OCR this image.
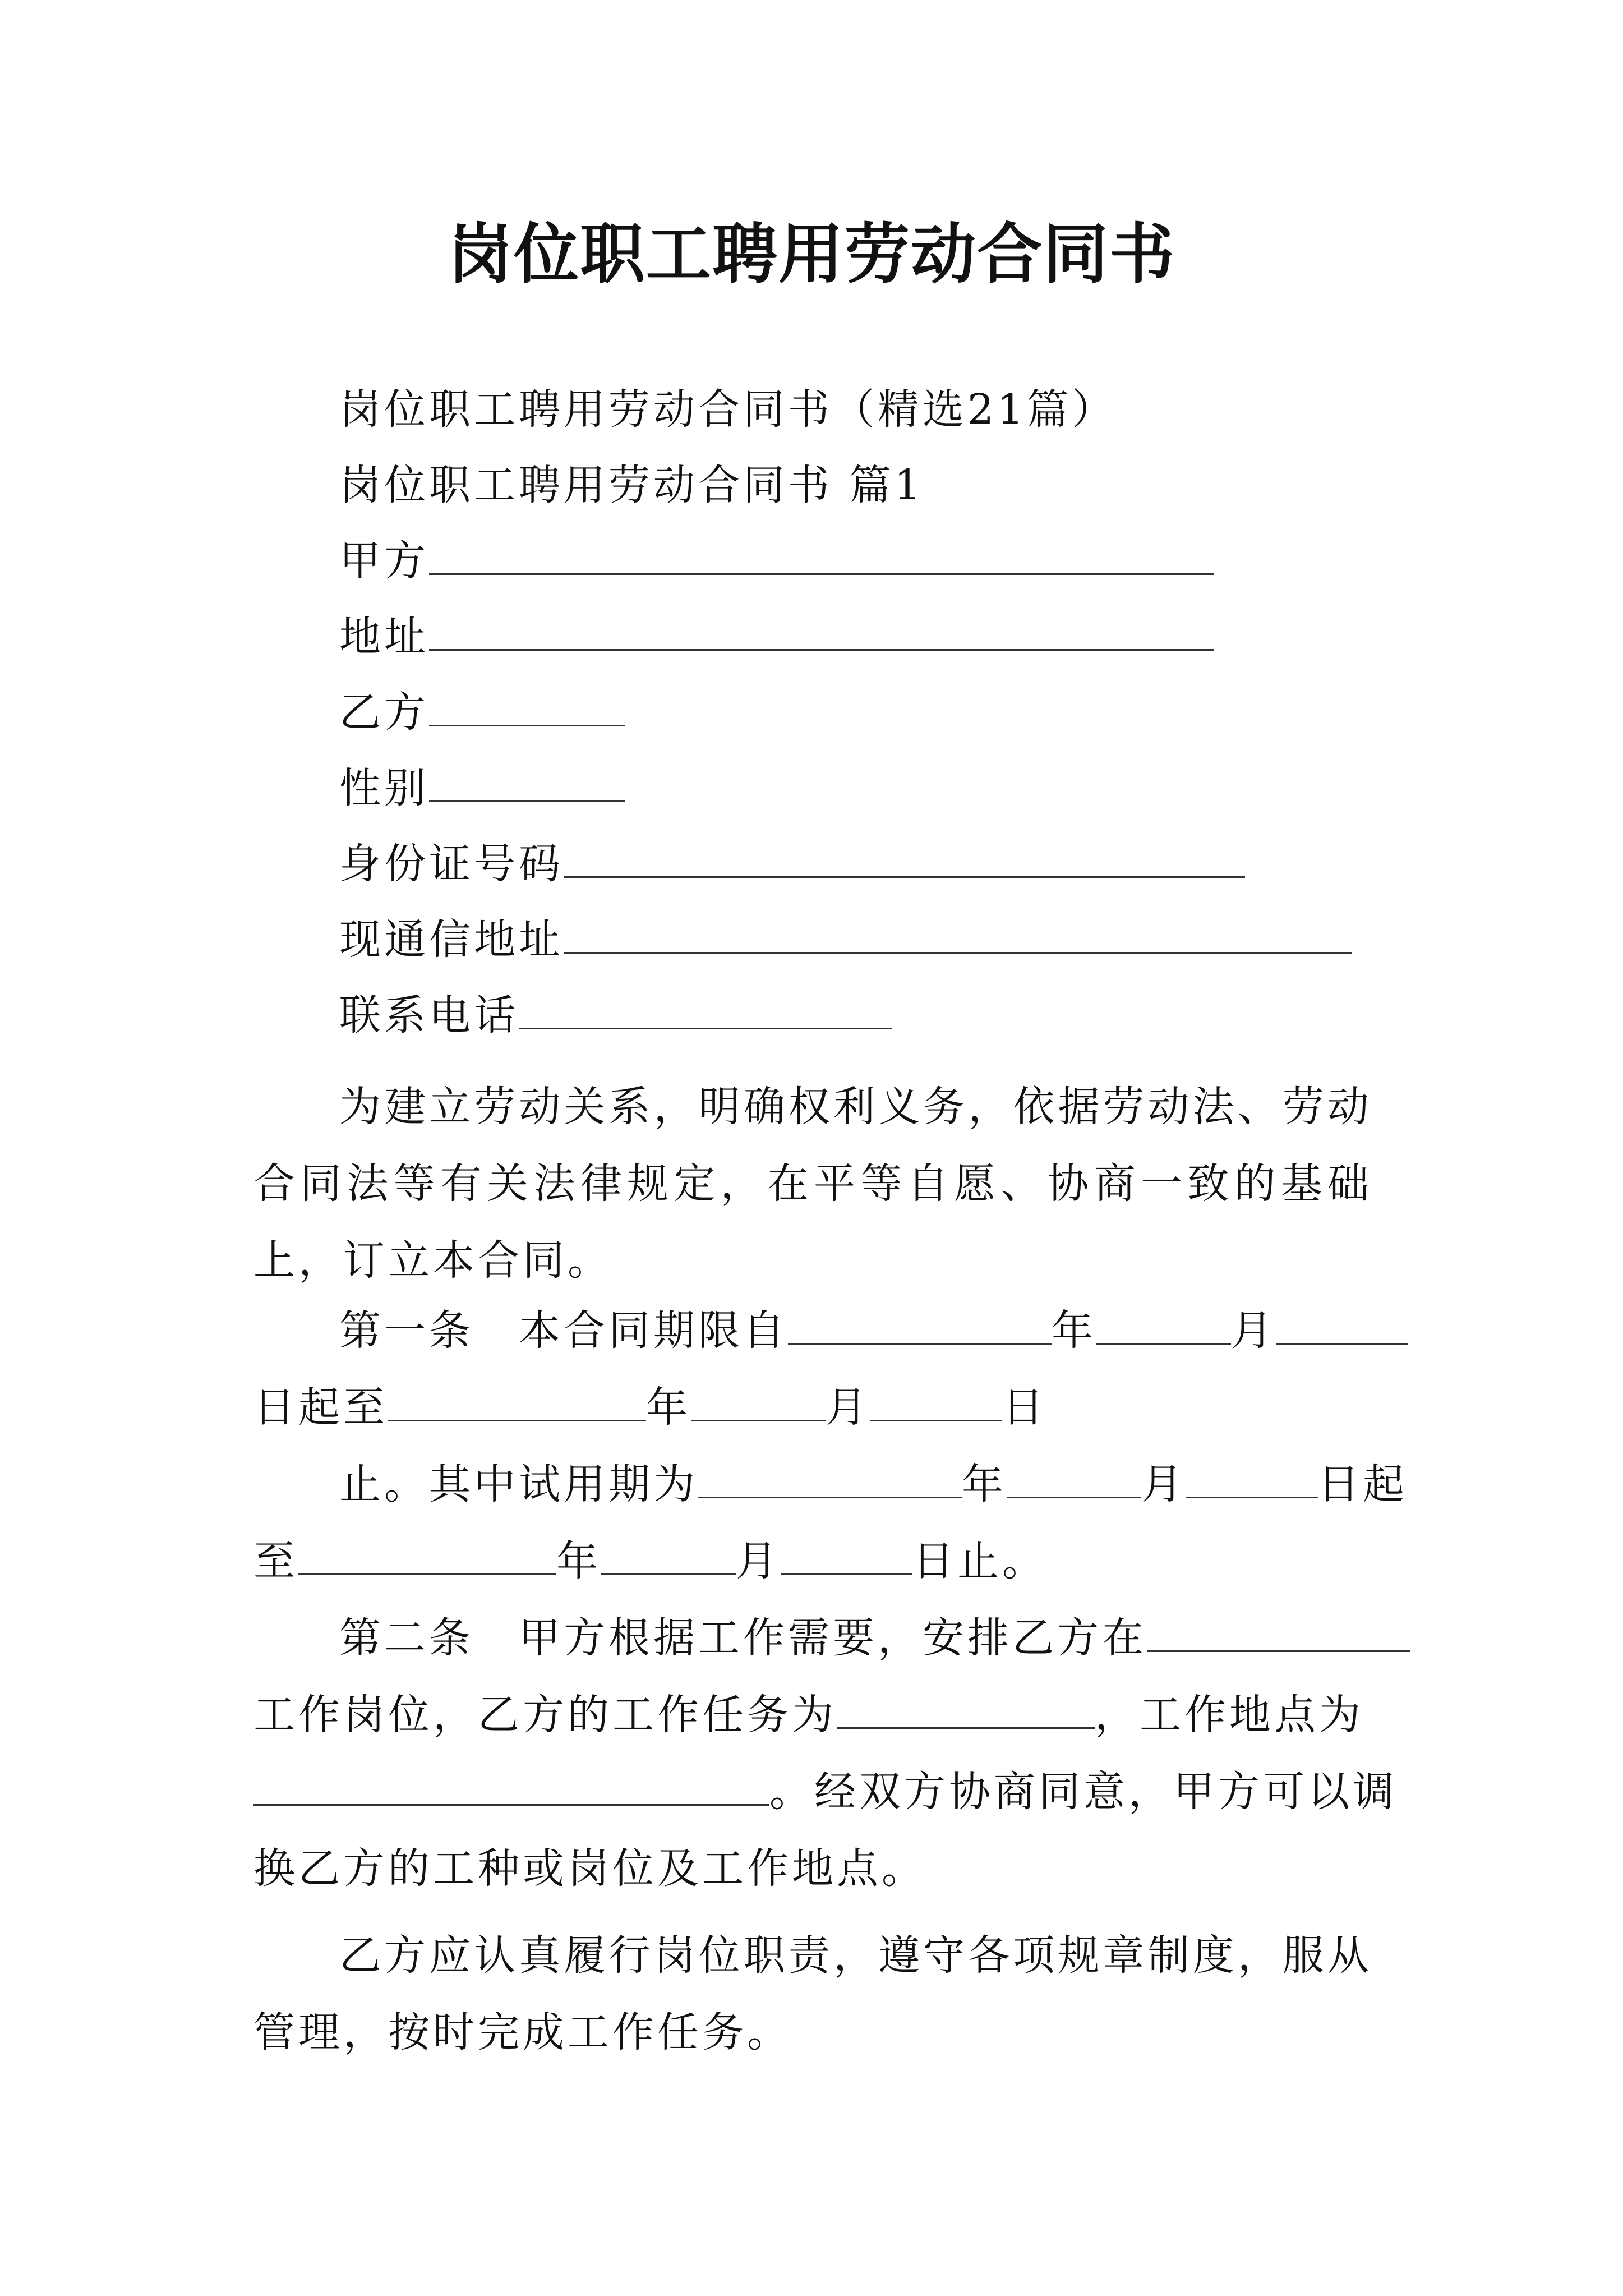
岗位职工聘用劳动合同书
岗位职工聘用劳动合同书（精选21篇）
岗位职工聘用劳动合同书 篇1
甲方
地址
乙方
性别
身份证号码
现通信地址
联系电话

为建立劳动关系，明确权利义务，依据劳动法、劳动合同法等有关法律规定，在平等自愿、协商一致的基础上，订立本合同。

第一条　 本合同期限自	年	月
日起至	年	月	日
止。其中试用期为	年	月	日起
至	年	月	日止。
第二条　 甲方根据工作需要，安排乙方在
工作岗位，乙方的工作任务为	，工作地点为
。经双方协商同意，甲方可以调
换乙方的工种或岗位及工作地点。

乙方应认真履行岗位职责，遵守各项规章制度，服从管理，按时完成工作任务。
